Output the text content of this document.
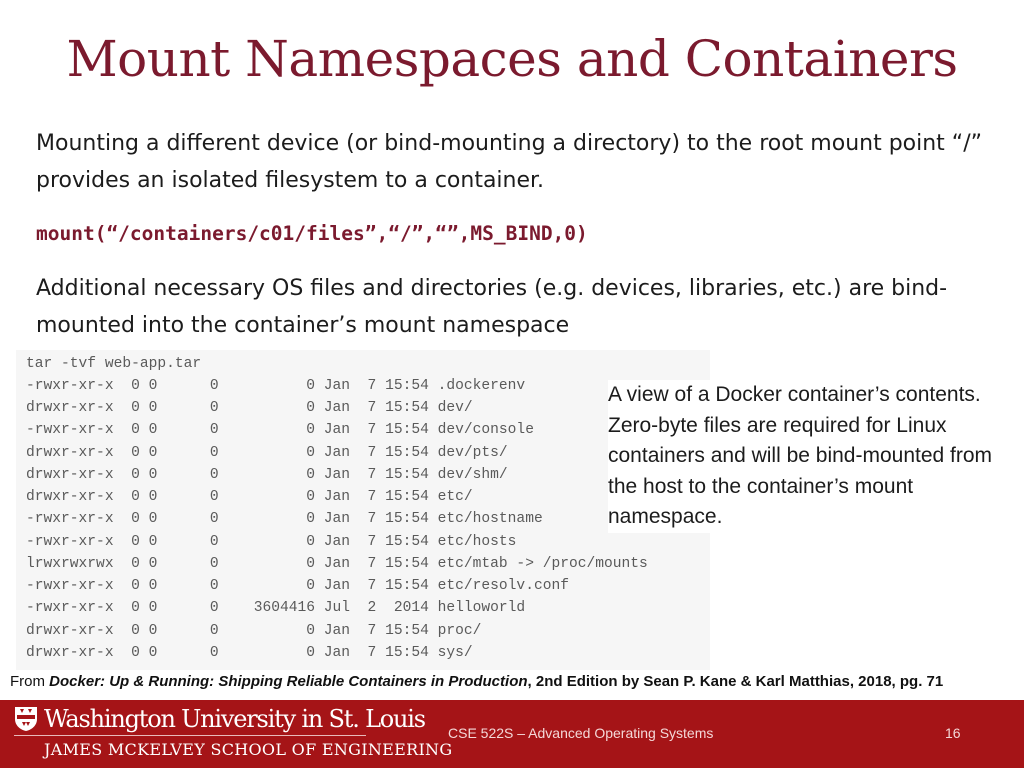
Mount Namespaces and Containers
Mounting a different device (or bind-mounting a directory) to the root mount point “/” provides an isolated filesystem to a container.
mount(“/containers/c01/files”,“/”,“”,MS_BIND,0)
Additional necessary OS files and directories (e.g. devices, libraries, etc.) are bind-mounted into the container’s mount namespace
tar -tvf web-app.tar
-rwxr-xr-x  0 0      0          0 Jan  7 15:54 .dockerenv
drwxr-xr-x  0 0      0          0 Jan  7 15:54 dev/
-rwxr-xr-x  0 0      0          0 Jan  7 15:54 dev/console
drwxr-xr-x  0 0      0          0 Jan  7 15:54 dev/pts/
drwxr-xr-x  0 0      0          0 Jan  7 15:54 dev/shm/
drwxr-xr-x  0 0      0          0 Jan  7 15:54 etc/
-rwxr-xr-x  0 0      0          0 Jan  7 15:54 etc/hostname
-rwxr-xr-x  0 0      0          0 Jan  7 15:54 etc/hosts
lrwxrwxrwx  0 0      0          0 Jan  7 15:54 etc/mtab -> /proc/mounts
-rwxr-xr-x  0 0      0          0 Jan  7 15:54 etc/resolv.conf
-rwxr-xr-x  0 0      0    3604416 Jul  2  2014 helloworld
drwxr-xr-x  0 0      0          0 Jan  7 15:54 proc/
drwxr-xr-x  0 0      0          0 Jan  7 15:54 sys/
A view of a Docker container’s contents. Zero-byte files are required for Linux containers and will be bind-mounted from the host to the container’s mount namespace.
From Docker: Up & Running: Shipping Reliable Containers in Production, 2nd Edition by Sean P. Kane & Karl Matthias, 2018, pg. 71
Washington University in St. Louis
JAMES MCKELVEY SCHOOL OF ENGINEERING
CSE 522S – Advanced Operating Systems	16
